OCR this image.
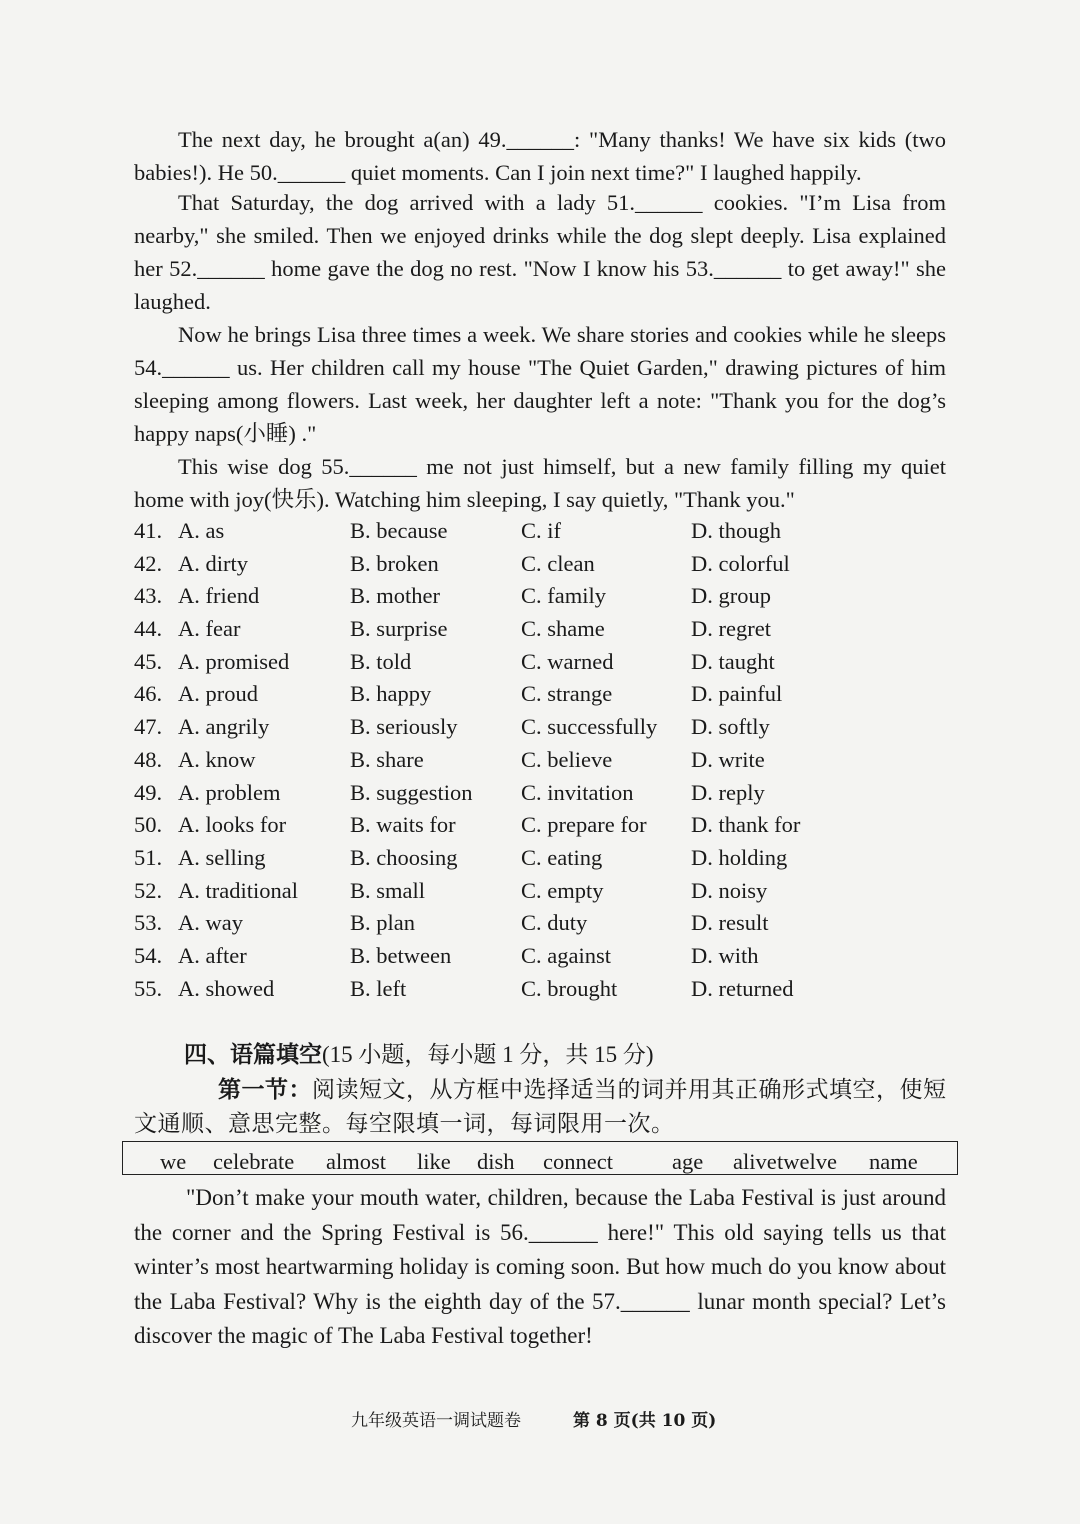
The next day, he brought a(an) 49.______: "Many thanks! We have six kids (two babies!). He 50.______ quiet moments. Can I join next time?" I laughed happily.

That Saturday, the dog arrived with a lady 51.______ cookies. "I’m Lisa from nearby," she smiled. Then we enjoyed drinks while the dog slept deeply. Lisa explained her 52.______ home gave the dog no rest. "Now I know his 53.______ to get away!" she laughed.

Now he brings Lisa three times a week. We share stories and cookies while he sleeps 54.______ us. Her children call my house "The Quiet Garden," drawing pictures of him sleeping among flowers. Last week, her daughter left a note: "Thank you for the dog’s happy naps(小睡) ."

This wise dog 55.______ me not just himself, but a new family filling my quiet home with joy(快乐). Watching him sleeping, I say quietly, "Thank you."

41. A. as	B. because	C. if	D. though
42. A. dirty	B. broken	C. clean	D. colorful
43. A. friend	B. mother	C. family	D. group
44. A. fear	B. surprise	C. shame	D. regret
45. A. promised	B. told	C. warned	D. taught
46. A. proud	B. happy	C. strange	D. painful
47. A. angrily	B. seriously	C. successfully D. softly
48. A. know	B. share	C. believe	D. write
49. A. problem	B. suggestion C. invitation	D. reply
50. A. looks for	B. waits for	C. prepare for D. thank for
51. A. selling	B. choosing	C. eating	D. holding
52. A. traditional B. small	C. empty	D. noisy
53. A. way	B. plan	C. duty	D. result
54. A. after	B. between	C. against	D. with
55. A. showed	B. left	C. brought	D. returned
四、语篇填空(15 小题，每小题 1 分，共 15 分)

第一节：阅读短文，从方框中选择适当的词并用其正确形式填空，使短文通顺、意思完整。每空限填一词，每词限用一次。

we celebrate almost like dish connect	age alive twelve name

"Don’t make your mouth water, children, because the Laba Festival is just around the corner and the Spring Festival is 56.______ here!" This old saying tells us that winter’s most heartwarming holiday is coming soon. But how much do you know about the Laba Festival? Why is the eighth day of the 57.______ lunar month special? Let’s discover the magic of The Laba Festival together!

九年级英语一调试题卷	第 8 页(共 10 页)
